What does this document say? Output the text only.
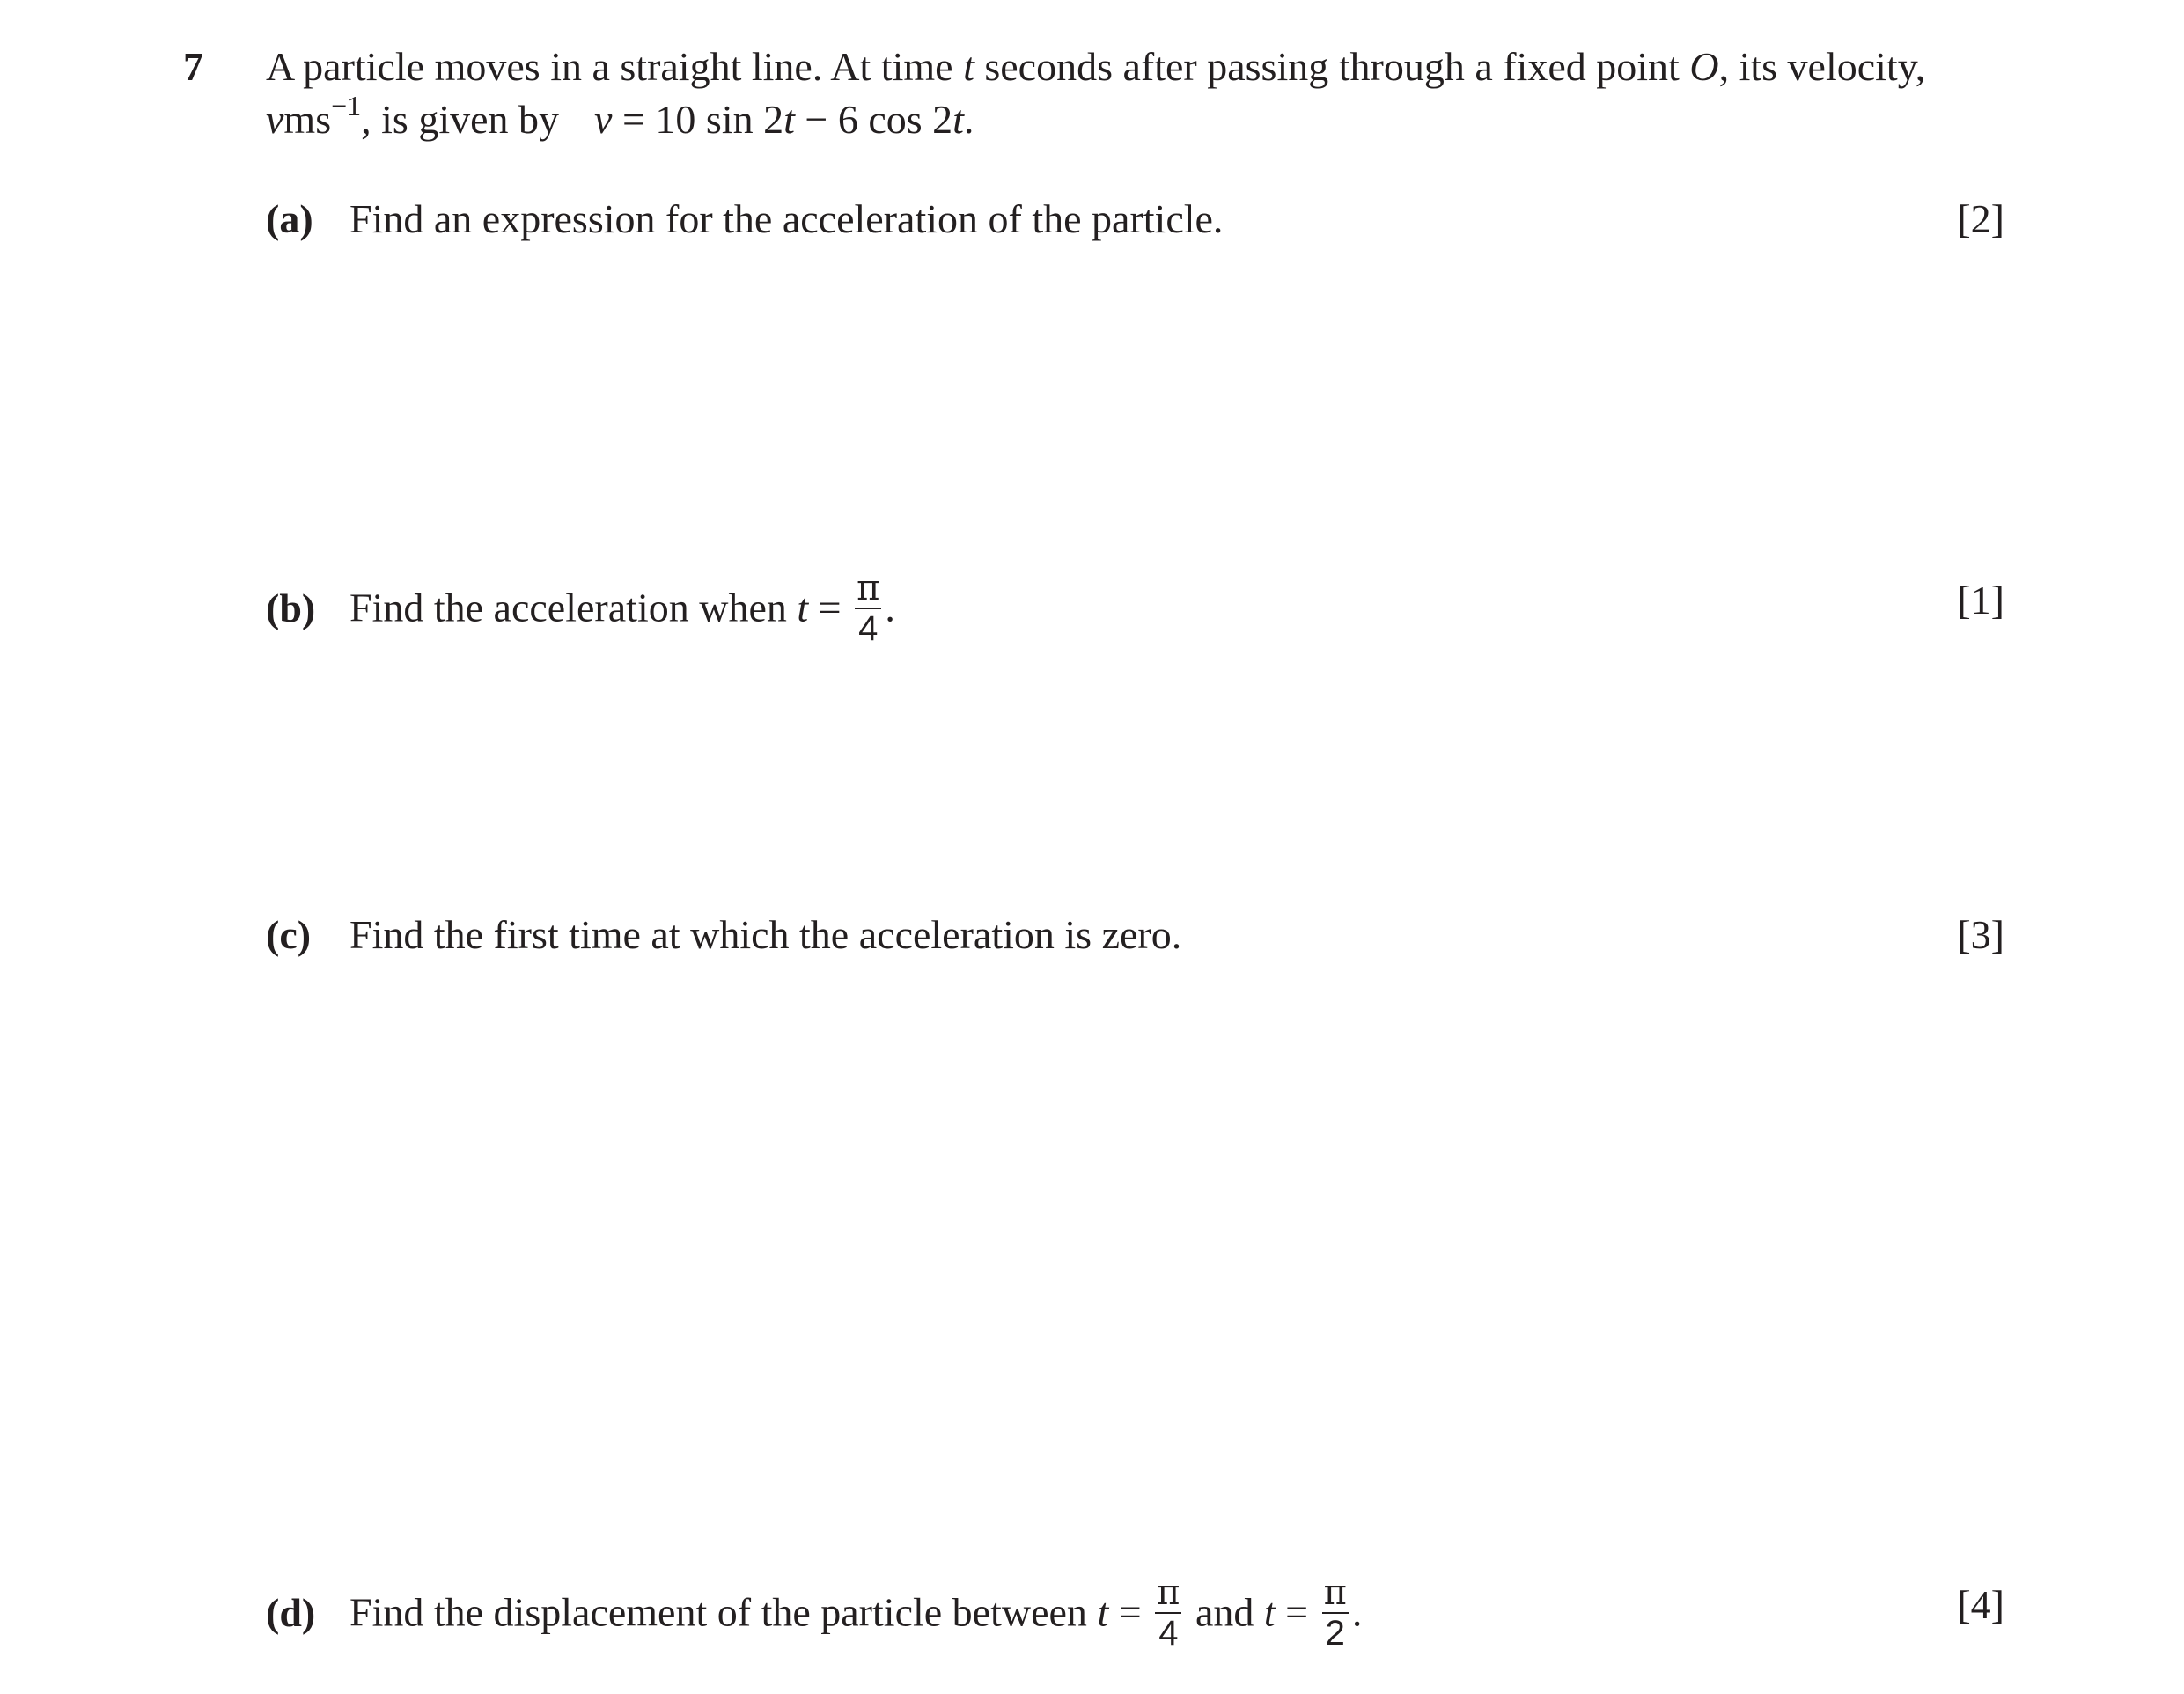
7 A particle moves in a straight line. At time t seconds after passing through a fixed point O, its velocity,
vms$^{-1}$, is given by v = 10 sin 2t − 6 cos 2t.
(a) Find an expression for the acceleration of the particle.	[2]
(b) Find the acceleration when $t = \frac{\pi}{4}$ .	[1]
(c) Find the first time at which the acceleration is zero.	[3]
(d) Find the displacement of the particle between $t = \frac{\pi}{4}$ and $t = \frac{\pi}{2}$ .	[4]
